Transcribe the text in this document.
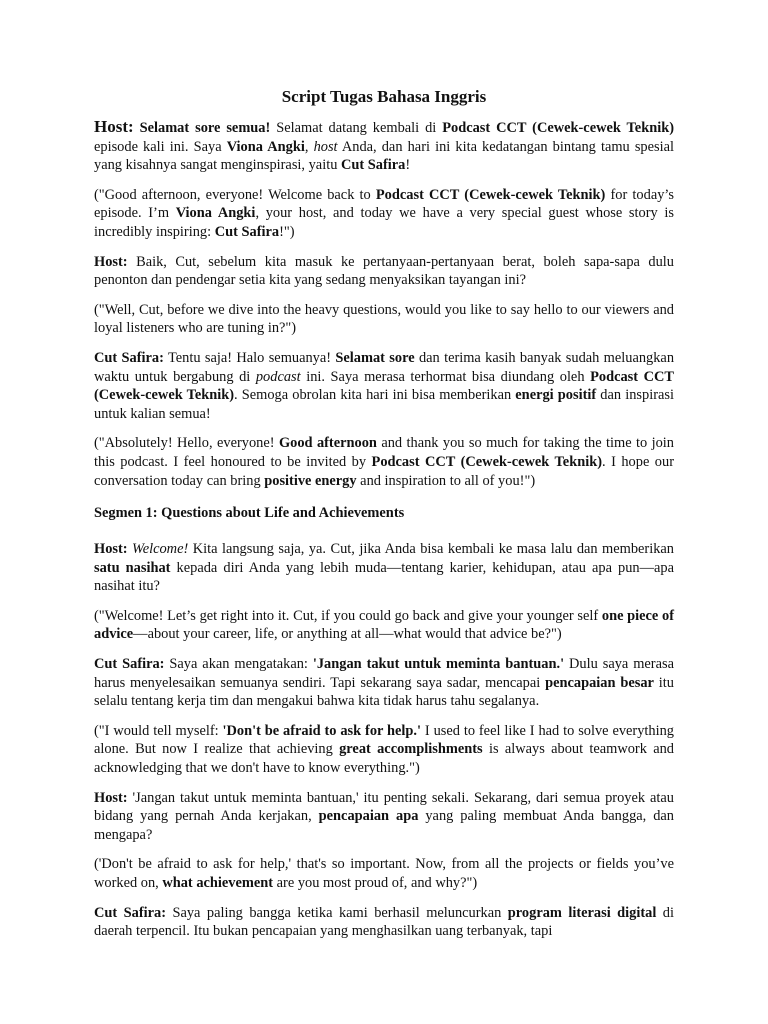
Script Tugas Bahasa Inggris

Host: Selamat sore semua! Selamat datang kembali di Podcast CCT (Cewek-cewek Teknik) episode kali ini. Saya Viona Angki, host Anda, dan hari ini kita kedatangan bintang tamu spesial yang kisahnya sangat menginspirasi, yaitu Cut Safira!

("Good afternoon, everyone! Welcome back to Podcast CCT (Cewek-cewek Teknik) for today’s episode. I’m Viona Angki, your host, and today we have a very special guest whose story is incredibly inspiring: Cut Safira!")

Host: Baik, Cut, sebelum kita masuk ke pertanyaan-pertanyaan berat, boleh sapa-sapa dulu penonton dan pendengar setia kita yang sedang menyaksikan tayangan ini?

("Well, Cut, before we dive into the heavy questions, would you like to say hello to our viewers and loyal listeners who are tuning in?")

Cut Safira: Tentu saja! Halo semuanya! Selamat sore dan terima kasih banyak sudah meluangkan waktu untuk bergabung di podcast ini. Saya merasa terhormat bisa diundang oleh Podcast CCT (Cewek-cewek Teknik). Semoga obrolan kita hari ini bisa memberikan energi positif dan inspirasi untuk kalian semua!

("Absolutely! Hello, everyone! Good afternoon and thank you so much for taking the time to join this podcast. I feel honoured to be invited by Podcast CCT (Cewek-cewek Teknik). I hope our conversation today can bring positive energy and inspiration to all of you!")

Segmen 1: Questions about Life and Achievements

Host: Welcome! Kita langsung saja, ya. Cut, jika Anda bisa kembali ke masa lalu dan memberikan satu nasihat kepada diri Anda yang lebih muda—tentang karier, kehidupan, atau apa pun—apa nasihat itu?

("Welcome! Let’s get right into it. Cut, if you could go back and give your younger self one piece of advice—about your career, life, or anything at all—what would that advice be?")

Cut Safira: Saya akan mengatakan: 'Jangan takut untuk meminta bantuan.' Dulu saya merasa harus menyelesaikan semuanya sendiri. Tapi sekarang saya sadar, mencapai pencapaian besar itu selalu tentang kerja tim dan mengakui bahwa kita tidak harus tahu segalanya.

("I would tell myself: 'Don't be afraid to ask for help.' I used to feel like I had to solve everything alone. But now I realize that achieving great accomplishments is always about teamwork and acknowledging that we don't have to know everything.")

Host: 'Jangan takut untuk meminta bantuan,' itu penting sekali. Sekarang, dari semua proyek atau bidang yang pernah Anda kerjakan, pencapaian apa yang paling membuat Anda bangga, dan mengapa?

('Don't be afraid to ask for help,' that's so important. Now, from all the projects or fields you’ve worked on, what achievement are you most proud of, and why?")

Cut Safira: Saya paling bangga ketika kami berhasil meluncurkan program literasi digital di daerah terpencil. Itu bukan pencapaian yang menghasilkan uang terbanyak, tapi
